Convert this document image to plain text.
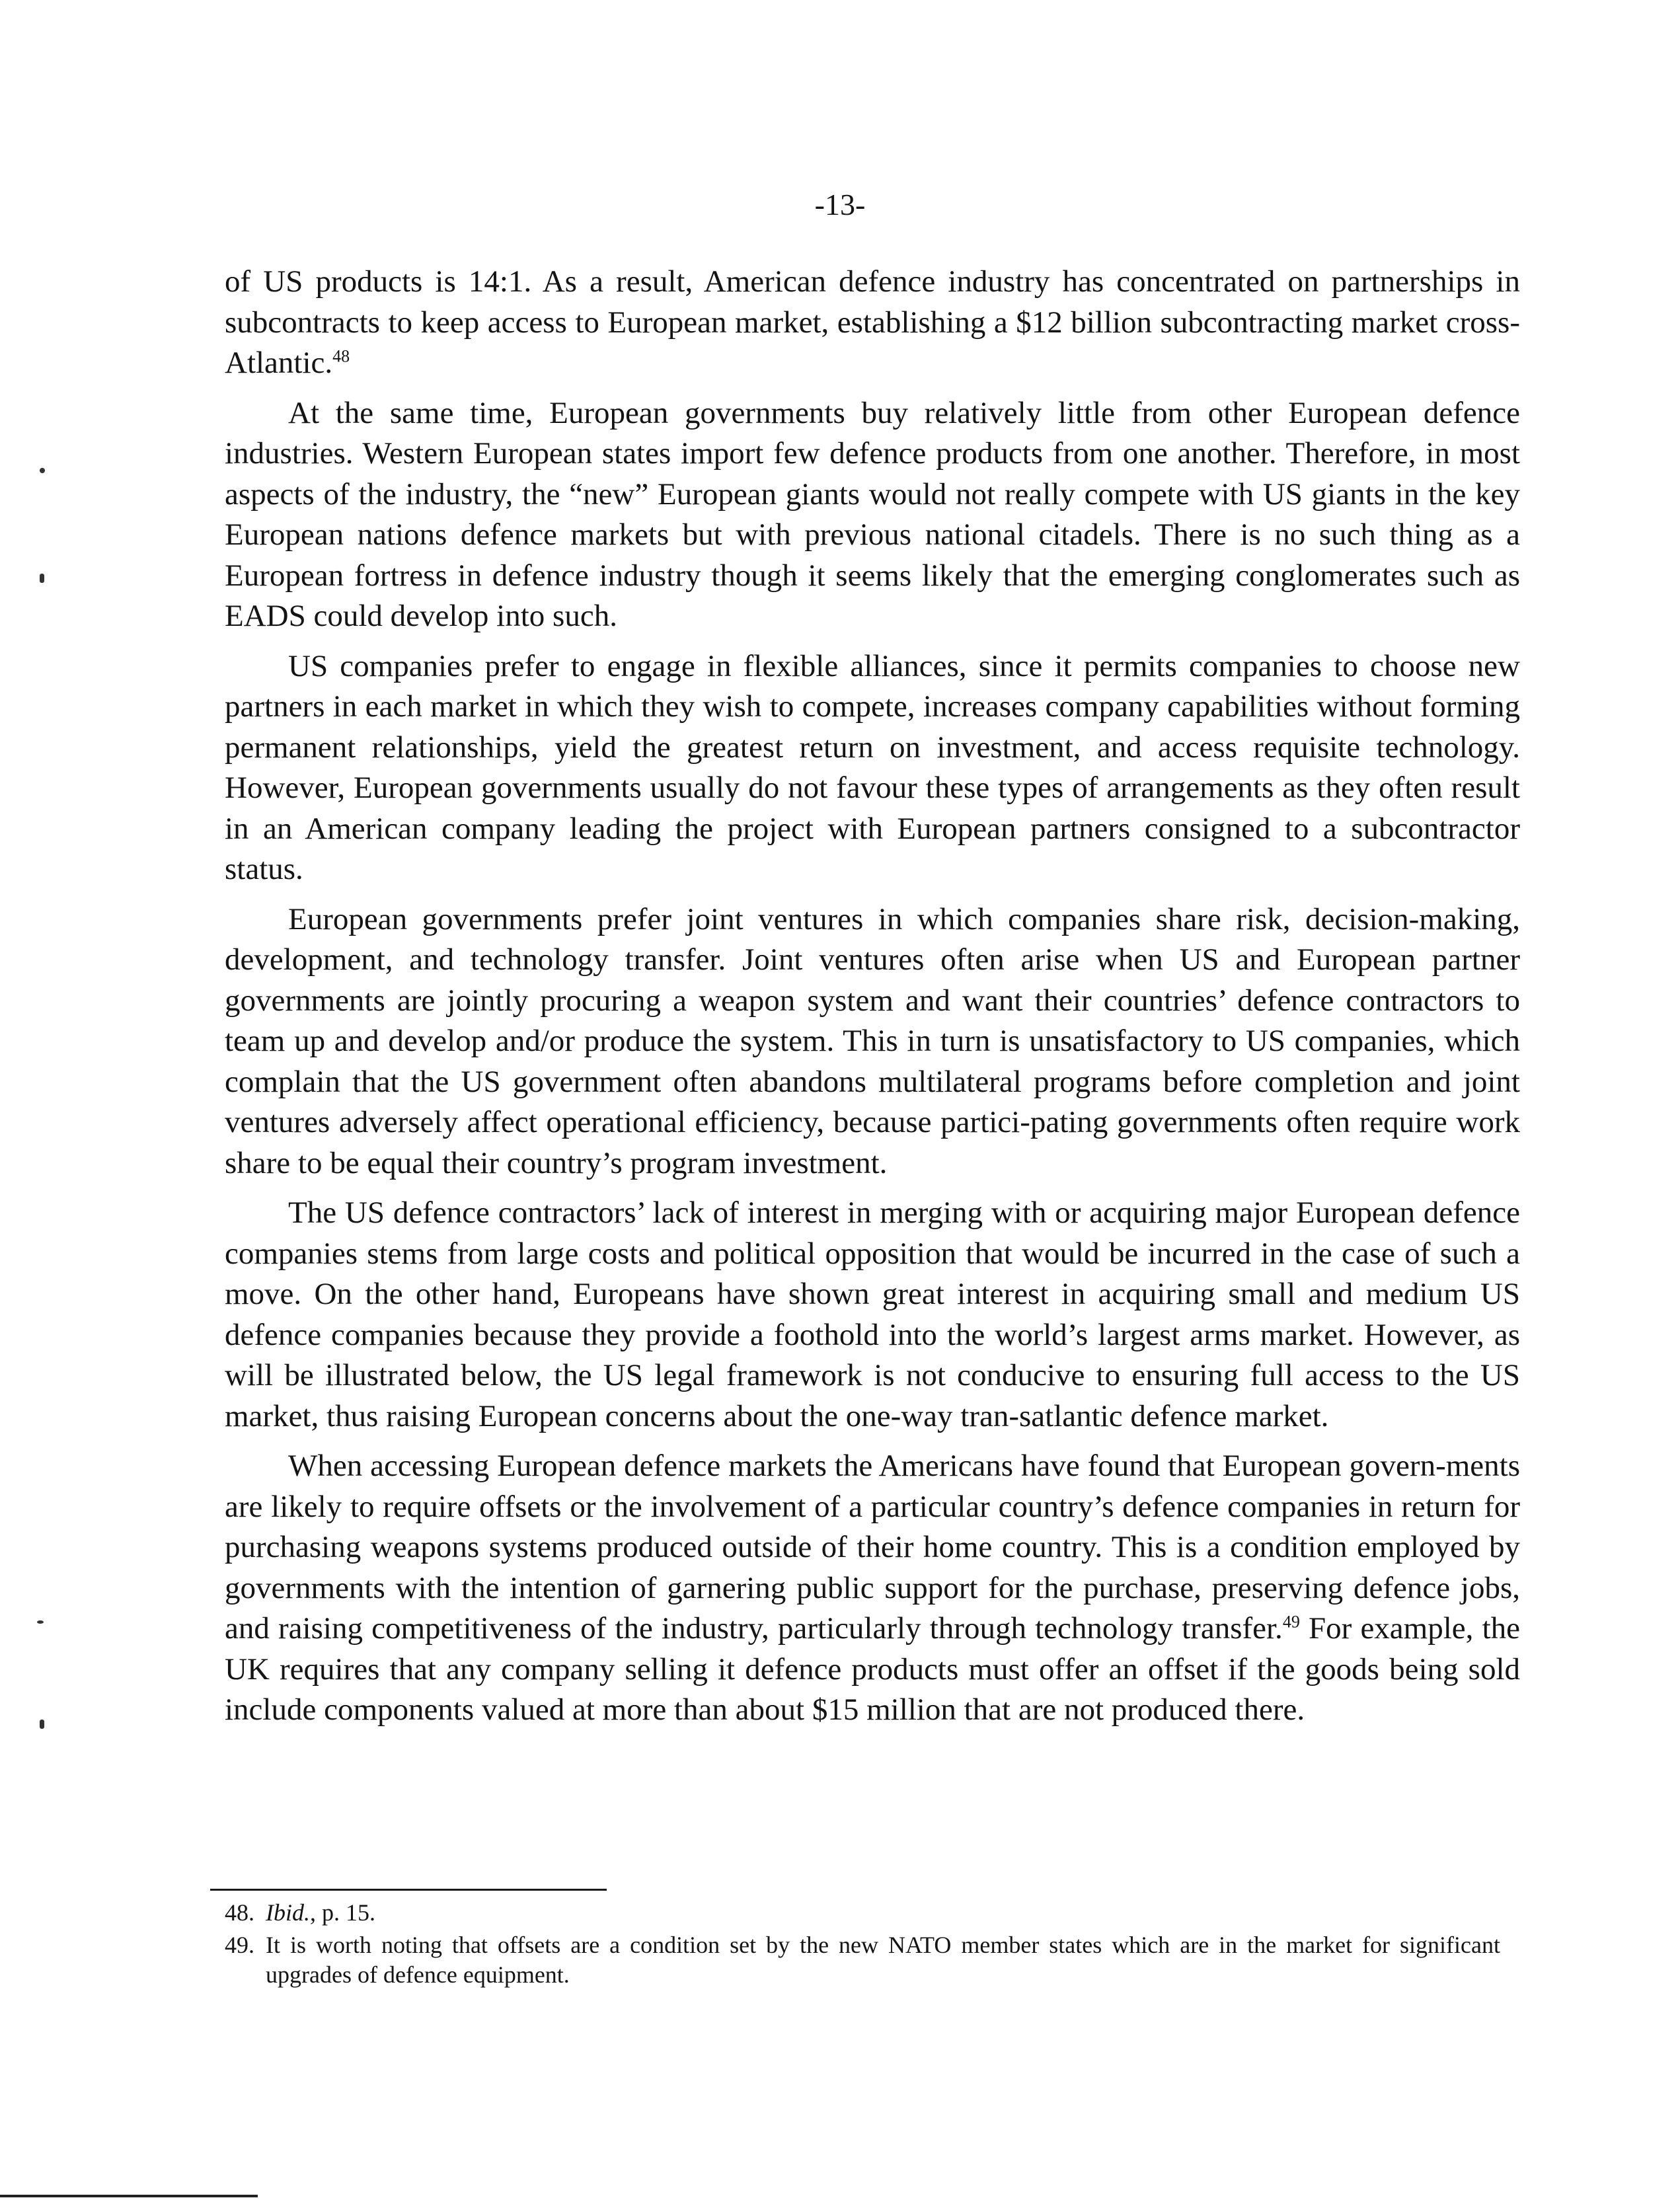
-13-

of US products is 14:1. As a result, American defence industry has concentrated on partnerships in subcontracts to keep access to European market, establishing a $12 billion subcontracting market cross-Atlantic.$^{48}$

At the same time, European governments buy relatively little from other European defence industries. Western European states import few defence products from one another. Therefore, in most aspects of the industry, the “new” European giants would not really compete with US giants in the key European nations defence markets but with previous national citadels. There is no such thing as a European fortress in defence industry though it seems likely that the emerging conglomerates such as EADS could develop into such.

US companies prefer to engage in flexible alliances, since it permits companies to choose new partners in each market in which they wish to compete, increases company capabilities without forming permanent relationships, yield the greatest return on investment, and access requisite technology. However, European governments usually do not favour these types of arrangements as they often result in an American company leading the project with European partners consigned to a subcontractor status.

European governments prefer joint ventures in which companies share risk, decision-making, development, and technology transfer. Joint ventures often arise when US and European partner governments are jointly procuring a weapon system and want their countries’ defence contractors to team up and develop and/or produce the system. This in turn is unsatisfactory to US companies, which complain that the US government often abandons multilateral programs before completion and joint ventures adversely affect operational efficiency, because partici-pating governments often require work share to be equal their country’s program investment.

The US defence contractors’ lack of interest in merging with or acquiring major European defence companies stems from large costs and political opposition that would be incurred in the case of such a move. On the other hand, Europeans have shown great interest in acquiring small and medium US defence companies because they provide a foothold into the world’s largest arms market. However, as will be illustrated below, the US legal framework is not conducive to ensuring full access to the US market, thus raising European concerns about the one-way tran-satlantic defence market.

When accessing European defence markets the Americans have found that European govern-ments are likely to require offsets or the involvement of a particular country’s defence companies in return for purchasing weapons systems produced outside of their home country. This is a condition employed by governments with the intention of garnering public support for the purchase, preserving defence jobs, and raising competitiveness of the industry, particularly through technology transfer.$^{49}$ For example, the UK requires that any company selling it defence products must offer an offset if the goods being sold include components valued at more than about $15 million that are not produced there.

48. Ibid., p. 15.
49. It is worth noting that offsets are a condition set by the new NATO member states which are in the market for significant upgrades of defence equipment.
